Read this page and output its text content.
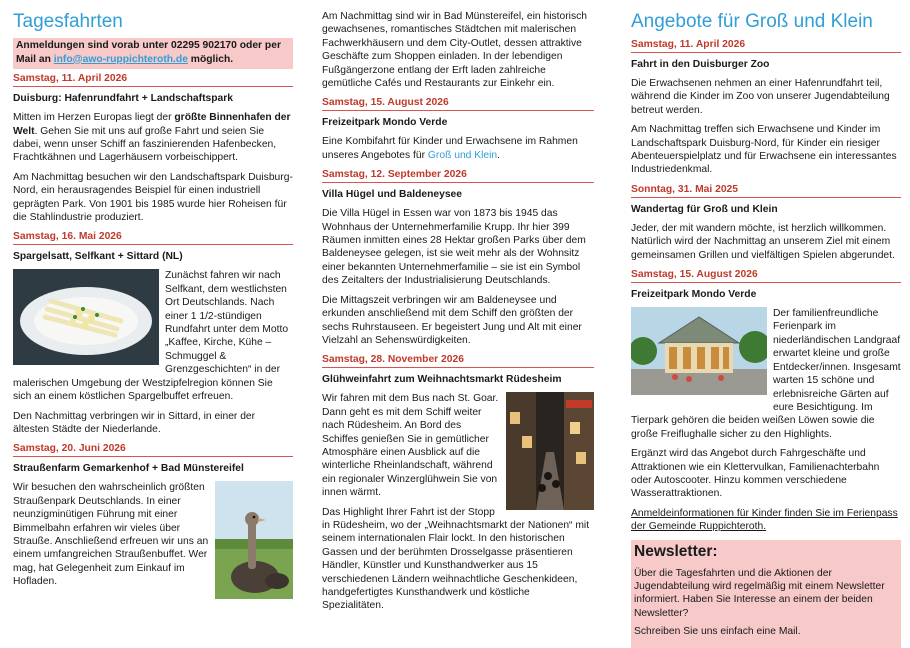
Tagesfahrten
Anmeldungen sind vorab unter 02295 902170 oder per Mail an info@awo-ruppichteroth.de möglich.
Samstag, 11. April 2026
Duisburg: Hafenrundfahrt + Landschaftspark

Mitten im Herzen Europas liegt der größte Binnenhafen der Welt. Gehen Sie mit uns auf große Fahrt und seien Sie dabei, wenn unser Schiff an faszinierenden Hafenbecken, Frachtkähnen und Lagerhäusern vorbeischippert.

Am Nachmittag besuchen wir den Landschaftspark Duisburg-Nord, ein herausragendes Beispiel für einen industriell geprägten Park. Von 1901 bis 1985 wurde hier Roheisen für die Stahlindustrie produziert.

Samstag, 16. Mai 2026
Spargelsatt, Selfkant + Sittard (NL)

Zunächst fahren wir nach Selfkant, dem westlichsten Ort Deutschlands. Nach einer 1 1/2-stündigen Rundfahrt unter dem Motto „Kaffee, Kirche, Kühe – Schmuggel & Grenzgeschichten“ in der malerischen Umgebung der Westzipfelregion können Sie sich an einem köstlichen Spargelbuffet erfreuen.

Den Nachmittag verbringen wir in Sittard, in einer der ältesten Städte der Niederlande.

Samstag, 20. Juni 2026
Straußenfarm Gemarkenhof + Bad Münstereifel

Wir besuchen den wahrscheinlich größten Straußenpark Deutschlands. In einer neunzigminütigen Führung mit einer Bimmelbahn erfahren wir vieles über Strauße. Anschließend erfreuen wir uns an einem umfangreichen Straußenbuffet. Wer mag, hat Gelegenheit zum Einkauf im Hofladen.

Am Nachmittag sind wir in Bad Münstereifel, ein historisch gewachsenes, romantisches Städtchen mit malerischen Fachwerkhäusern und dem City-Outlet, dessen attraktive Geschäfte zum Shoppen einladen. In der lebendigen Fußgängerzone entlang der Erft laden zahlreiche gemütliche Cafés und Restaurants zur Einkehr ein.

Samstag, 15. August 2026
Freizeitpark Mondo Verde

Eine Kombifahrt für Kinder und Erwachsene im Rahmen unseres Angebotes für Groß und Klein.

Samstag, 12. September 2026
Villa Hügel und Baldeneysee

Die Villa Hügel in Essen war von 1873 bis 1945 das Wohnhaus der Unternehmerfamilie Krupp. Ihr hier 399 Räumen inmitten eines 28 Hektar großen Parks über dem Baldeneysee gelegen, ist sie weit mehr als der Wohnsitz einer bekannten Unternehmerfamilie – sie ist ein Symbol des Zeitalters der Industrialisierung Deutschlands.

Die Mittagszeit verbringen wir am Baldeneysee und erkunden anschließend mit dem Schiff den größten der sechs Ruhrstauseen. Er begeistert Jung und Alt mit einer Vielzahl an Sehenswürdigkeiten.

Samstag, 28. November 2026
Glühweinfahrt zum Weihnachtsmarkt Rüdesheim

Wir fahren mit dem Bus nach St. Goar. Dann geht es mit dem Schiff weiter nach Rüdesheim. An Bord des Schiffes genießen Sie in gemütlicher Atmosphäre einen Ausblick auf die winterliche Rheinlandschaft, während ein regionaler Winzerglühwein Sie von innen wärmt.

Das Highlight Ihrer Fahrt ist der Stopp in Rüdesheim, wo der „Weihnachtsmarkt der Nationen“ mit seinem internationalen Flair lockt. In den historischen Gassen und der berühmten Drosselgasse präsentieren Händler, Künstler und Kunsthandwerker aus 15 verschiedenen Ländern weihnachtliche Geschenkideen, handgefertigtes Kunsthandwerk und köstliche Spezialitäten.

Angebote für Groß und Klein
Samstag, 11. April 2026
Fahrt in den Duisburger Zoo

Die Erwachsenen nehmen an einer Hafenrundfahrt teil, während die Kinder im Zoo von unserer Jugendabteilung betreut werden.

Am Nachmittag treffen sich Erwachsene und Kinder im Landschaftspark Duisburg-Nord, für Kinder ein riesiger Abenteuerspielplatz und für Erwachsene ein interessantes Industriedenkmal.

Sonntag, 31. Mai 2025
Wandertag für Groß und Klein

Jeder, der mit wandern möchte, ist herzlich willkommen. Natürlich wird der Nachmittag an unserem Ziel mit einem gemeinsamen Grillen und vielfältigen Spielen abgerundet.

Samstag, 15. August 2026
Freizeitpark Mondo Verde

Der familienfreundliche Ferienpark im niederländischen Landgraaf erwartet kleine und große Entdecker/innen. Insgesamt warten 15 schöne und erlebnisreiche Gärten auf eure Besichtigung. Im Tierpark gehören die beiden weißen Löwen sowie die große Freiflughalle sicher zu den Highlights.

Ergänzt wird das Angebot durch Fahrgeschäfte und Attraktionen wie ein Klettervulkan, Familienachterbahn oder Autoscooter. Hinzu kommen verschiedene Wasserattraktionen.

Anmeldeinformationen für Kinder finden Sie im Ferienpass der Gemeinde Ruppichteroth.

Newsletter:

Über die Tagesfahrten und die Aktionen der Jugendabteilung wird regelmäßig mit einem Newsletter informiert. Haben Sie Interesse an einem der beiden Newsletter?

Schreiben Sie uns einfach eine Mail.
